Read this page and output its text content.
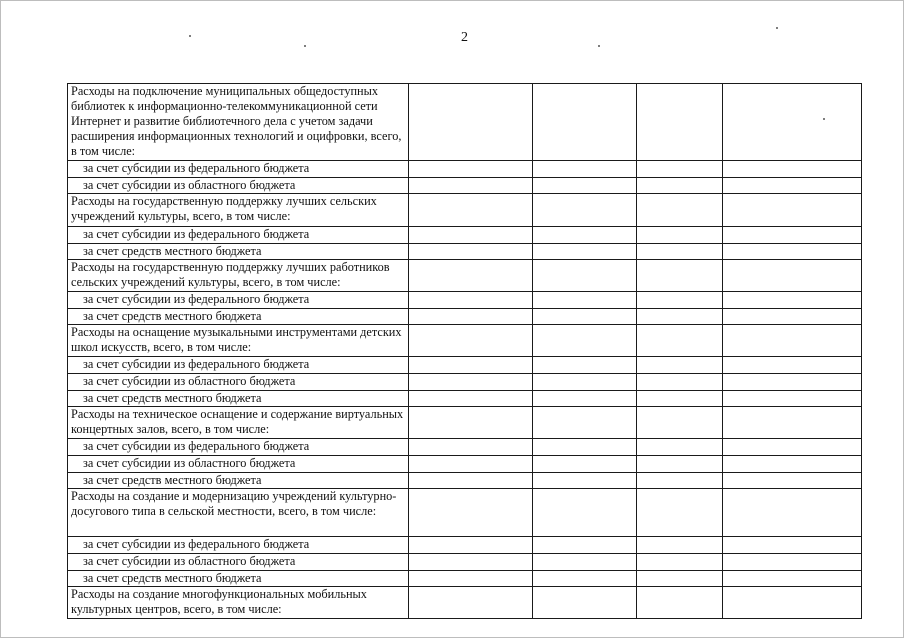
2
Расходы на подключение муниципальных общедоступных библиотек к информационно-телекоммуникационной сети Интернет и развитие библиотечного дела с учетом задачи расширения информационных технологий и оцифровки, всего, в том числе:				
за счет субсидии из федерального бюджета				
за счет субсидии из областного бюджета				
Расходы на государственную поддержку лучших сельских учреждений культуры, всего, в том числе:				
за счет субсидии из федерального бюджета				
за счет средств местного бюджета				
Расходы на государственную поддержку лучших работников сельских учреждений культуры, всего, в том числе:				
за счет субсидии из федерального бюджета				
за счет средств местного бюджета				
Расходы на оснащение музыкальными инструментами детских школ искусств, всего, в том числе:				
за счет субсидии из федерального бюджета				
за счет субсидии из областного бюджета				
за счет средств местного бюджета				
Расходы на техническое оснащение и содержание виртуальных концертных залов, всего, в том числе:				
за счет субсидии из федерального бюджета				
за счет субсидии из областного бюджета				
за счет средств местного бюджета				
Расходы на создание и модернизацию учреждений культурно-досугового типа в сельской местности, всего, в том числе:				
за счет субсидии из федерального бюджета				
за счет субсидии из областного бюджета				
за счет средств местного бюджета				
Расходы на создание многофункциональных мобильных культурных центров, всего, в том числе:				
